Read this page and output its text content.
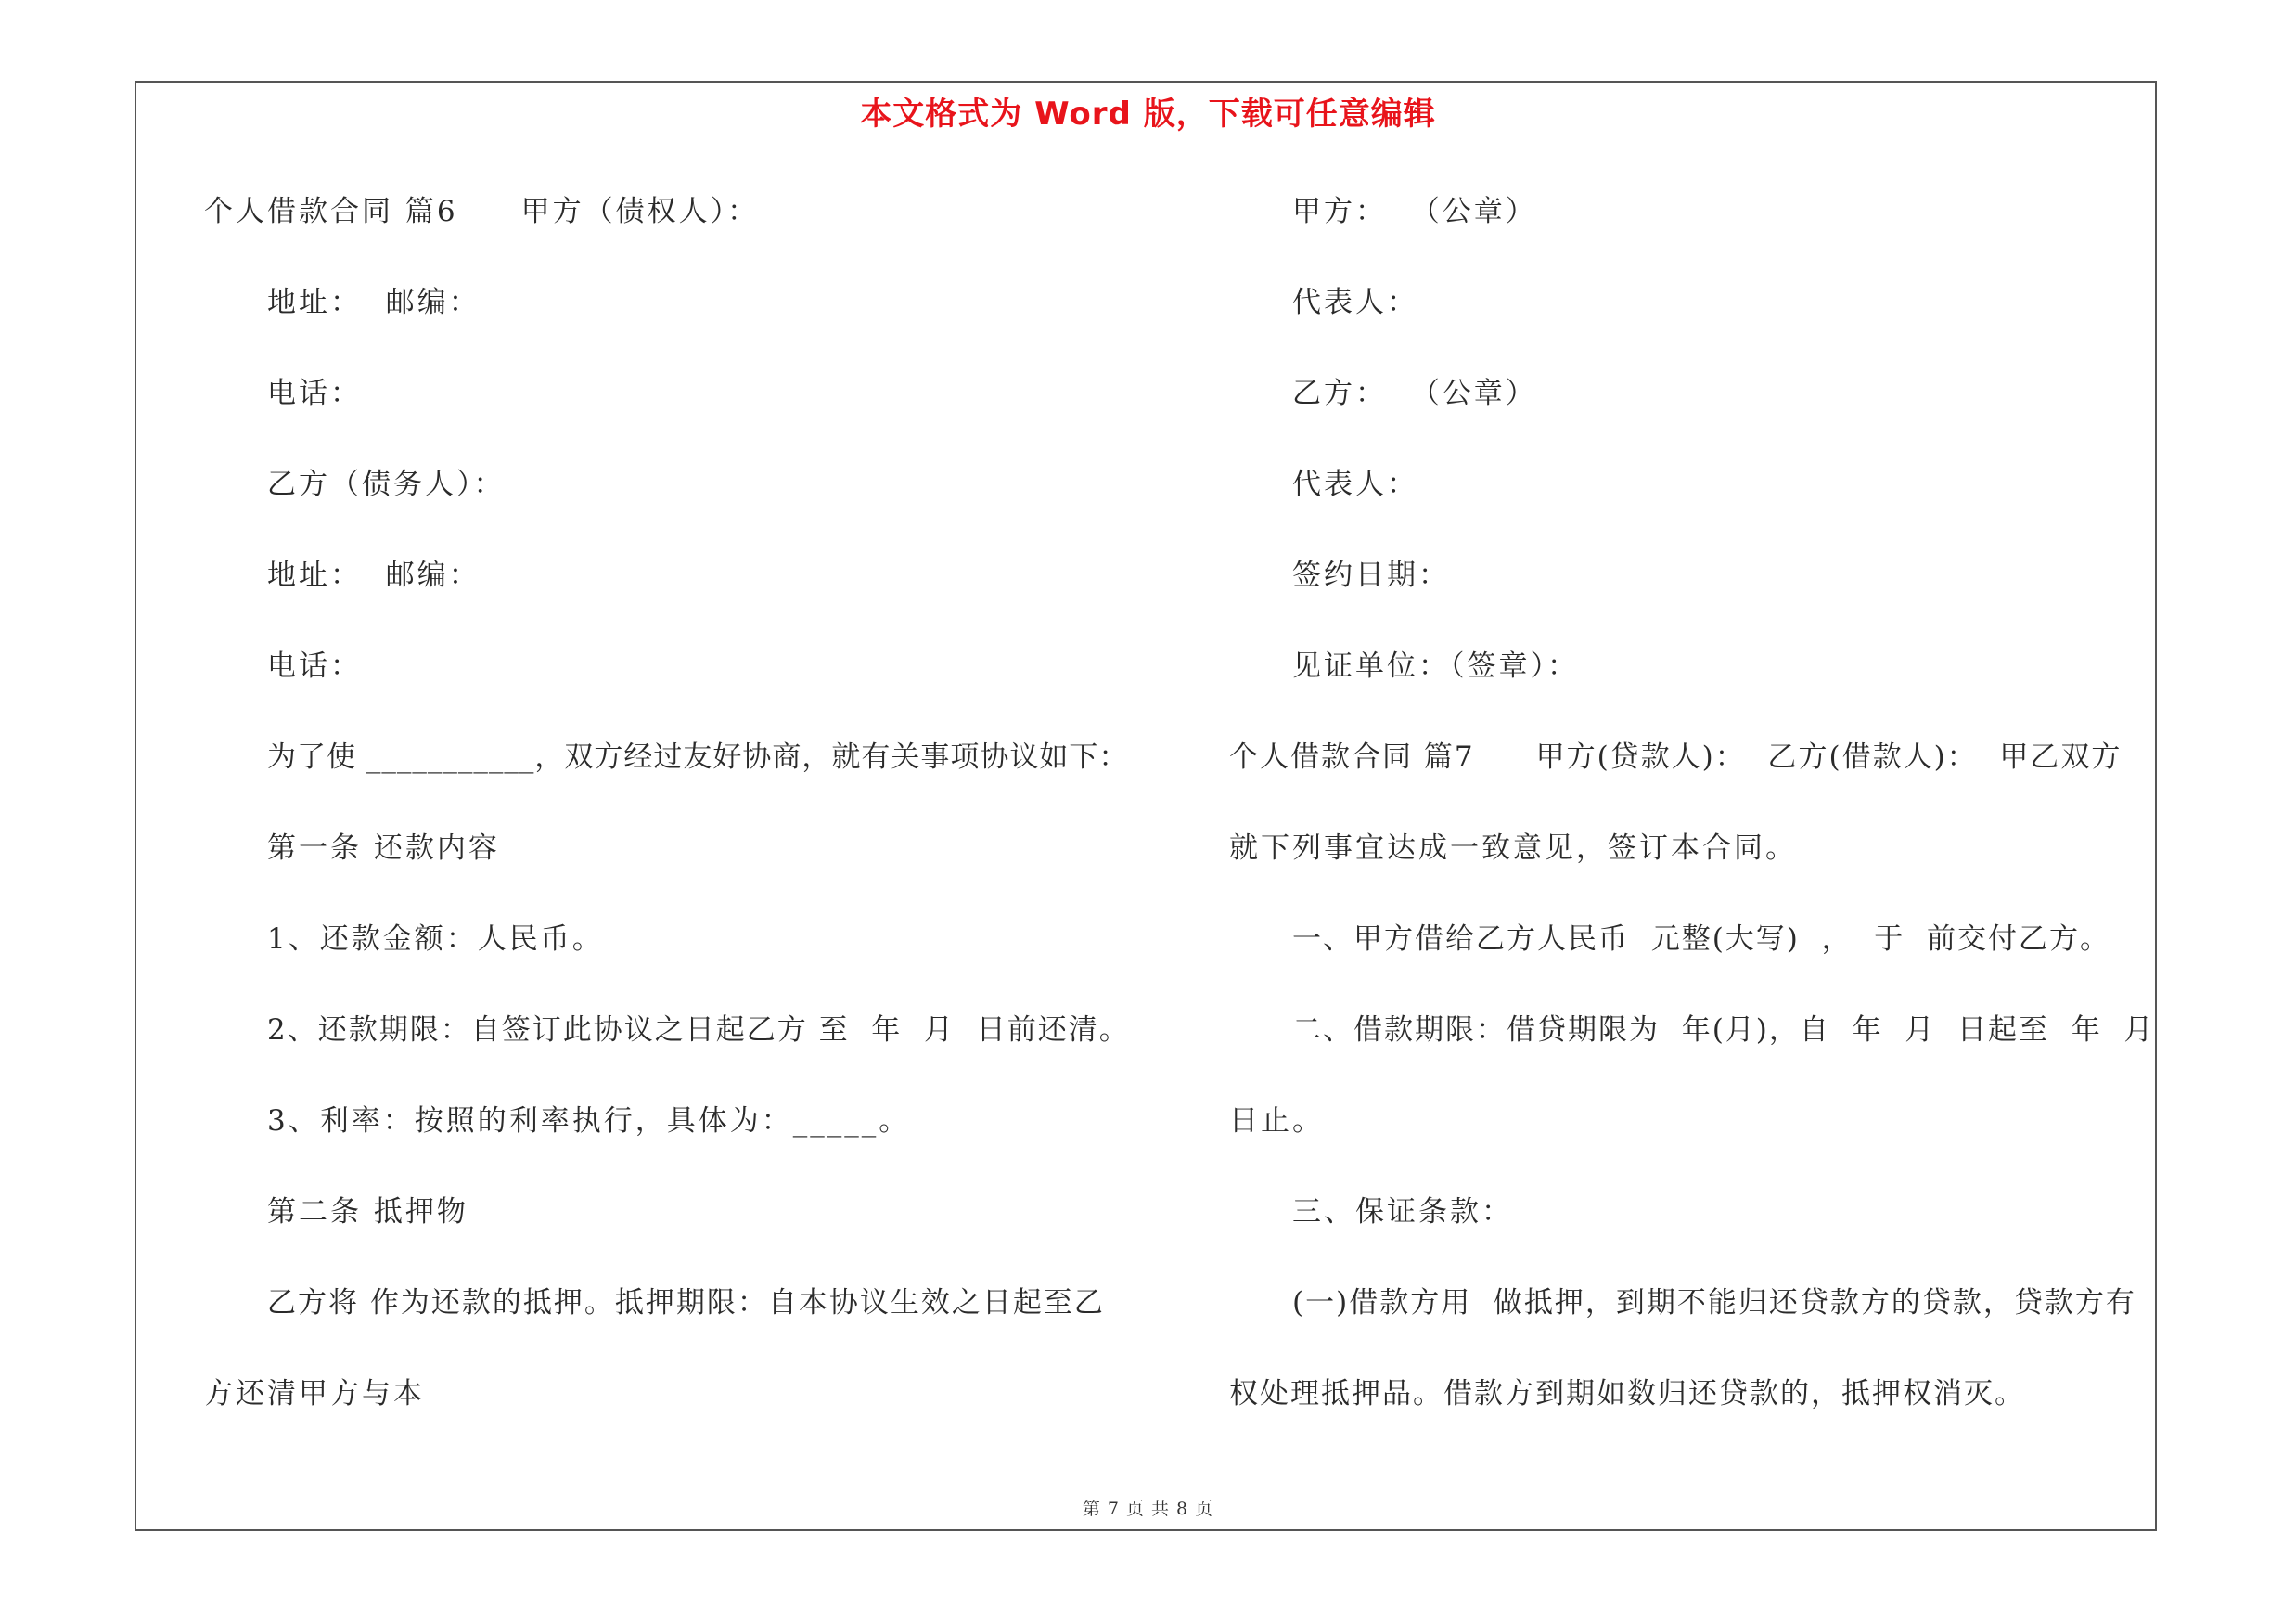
本文格式为 Word 版，下载可任意编辑
个人借款合同 篇6　　甲方（债权人）：
地址：  邮编：
电话：
乙方（债务人）：
地址：  邮编：
电话：
为了使 ___________，双方经过友好协商，就有关事项协议如下：
第一条 还款内容
1、还款金额：人民币。
2、还款期限：自签订此协议之日起乙方 至  年  月  日前还清。
3、利率：按照的利率执行，具体为：_____。
第二条 抵押物
乙方将 作为还款的抵押。抵押期限：自本协议生效之日起至乙
方还清甲方与本
甲方：  （公章）
代表人：
乙方：  （公章）
代表人：
签约日期：
见证单位：（签章）：
个人借款合同 篇7　　甲方(贷款人)：  乙方(借款人)：  甲乙双方
就下列事宜达成一致意见，签订本合同。
一、甲方借给乙方人民币  元整(大写)  ，  于  前交付乙方。
二、借款期限：借贷期限为  年(月)，自  年  月  日起至  年  月
日止。
三、保证条款：
(一)借款方用  做抵押，到期不能归还贷款方的贷款，贷款方有
权处理抵押品。借款方到期如数归还贷款的，抵押权消灭。
第 7 页 共 8 页
